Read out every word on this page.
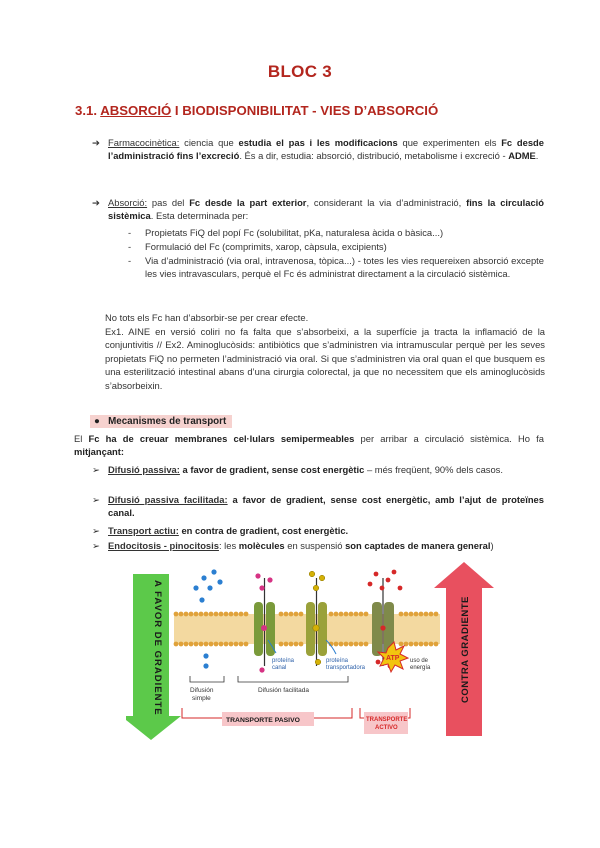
BLOC 3
3.1. ABSORCIÓ I BIODISPONIBILITAT - VIES D’ABSORCIÓ
➔ Farmacocinètica: ciencia que estudia el pas i les modificacions que experimenten els Fc desde l’administració fins l’excreció. És a dir, estudia: absorció, distribució, metabolisme i excreció - ADME.
➔ Absorció: pas del Fc desde la part exterior, considerant la via d’administració, fins la circulació sistèmica. Esta determinada per:
- Propietats FiQ del popí Fc (solubilitat, pKa, naturalesa àcida o bàsica...)
- Formulació del Fc (comprimits, xarop, càpsula, excipients)
- Via d’administració (via oral, intravenosa, tòpica...) - totes les vies requereixen absorció excepte les vies intravasculars, perquè el Fc és administrat directament a la circulació sistèmica.
No tots els Fc han d’absorbir-se per crear efecte.
Ex1. AINE en versió coliri no fa falta que s’absorbeixi, a la superfície ja tracta la inflamació de la conjuntivitis // Ex2. Aminoglucòsids: antibiòtics que s’administren via intramuscular perquè per les seves propietats FiQ no permeten l’administració via oral. Si que s’administren via oral quan el que busquem es una esterilització intestinal abans d’una cirurgia colorectal, ja que no necessitem que els aminoglucòsids s’absorbeixin.
● Mecanismes de transport
El Fc ha de creuar membranes cel·lulars semipermeables per arribar a circulació sistèmica. Ho fa mitjançant:
➢ Difusió passiva: a favor de gradient, sense cost energètic – més freqüent, 90% dels casos.
➢ Difusió passiva facilitada: a favor de gradient, sense cost energètic, amb l’ajut de proteïnes canal.
➢ Transport actiu: en contra de gradient, cost energètic.
➢ Endocitosis - pinocitosis: les molècules en suspensió son captades de manera general)
A FAVOR DE GRADIENTE	CONTRA GRADIENTE
ATP uso de
energía
proteína
canal
proteína
transportadora
Difusión
simple
Difusión facilitada
TRANSPORTE PASIVO	TRANSPORTE
ACTIVO
